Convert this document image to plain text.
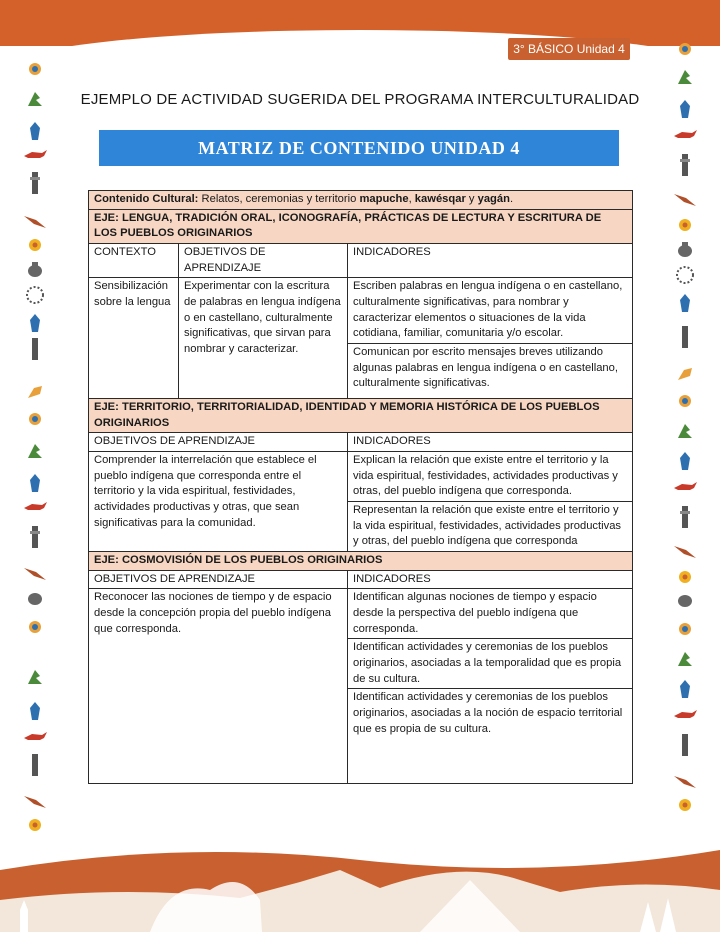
3° BÁSICO Unidad 4
EJEMPLO DE ACTIVIDAD SUGERIDA DEL PROGRAMA INTERCULTURALIDAD
MATRIZ DE CONTENIDO UNIDAD 4
Contenido Cultural: Relatos, ceremonias y territorio mapuche, kawésqar y yagán.		
EJE: LENGUA, TRADICIÓN ORAL, ICONOGRAFÍA, PRÁCTICAS DE LECTURA Y ESCRITURA DE LOS PUEBLOS ORIGINARIOS		
CONTEXTO	OBJETIVOS DE APRENDIZAJE	INDICADORES
Sensibilización sobre la lengua	Experimentar con la escritura de palabras en lengua indígena o en castellano, culturalmente significativas, que sirvan para nombrar y caracterizar.	Escriben palabras en lengua indígena o en castellano, culturalmente significativas, para nombrar y caracterizar elementos o situaciones de la vida cotidiana, familiar, comunitaria y/o escolar.
		Comunican por escrito mensajes breves utilizando algunas palabras en lengua indígena o en castellano, culturalmente significativas.
EJE: TERRITORIO, TERRITORIALIDAD, IDENTIDAD Y MEMORIA HISTÓRICA DE LOS PUEBLOS ORIGINARIOS		
OBJETIVOS DE APRENDIZAJE		INDICADORES
Comprender la interrelación que establece el pueblo indígena que corresponda entre el territorio y la vida espiritual, festividades, actividades productivas y otras, que sean significativas para la comunidad.		Explican la relación que existe entre el territorio y la vida espiritual, festividades, actividades productivas y otras, del pueblo indígena que corresponda.
		Representan la relación que existe entre el territorio y la vida espiritual, festividades, actividades productivas y otras, del pueblo indígena que corresponda
EJE: COSMOVISIÓN DE LOS PUEBLOS ORIGINARIOS		
OBJETIVOS DE APRENDIZAJE		INDICADORES
Reconocer las nociones de tiempo y de espacio desde la concepción propia del pueblo indígena que corresponda.		Identifican algunas nociones de tiempo y espacio desde la perspectiva del pueblo indígena que corresponda.
		Identifican actividades y ceremonias de los pueblos originarios, asociadas a la temporalidad que es propia de su cultura.
		Identifican actividades y ceremonias de los pueblos originarios, asociadas a la noción de espacio territorial que es propia de su cultura.
